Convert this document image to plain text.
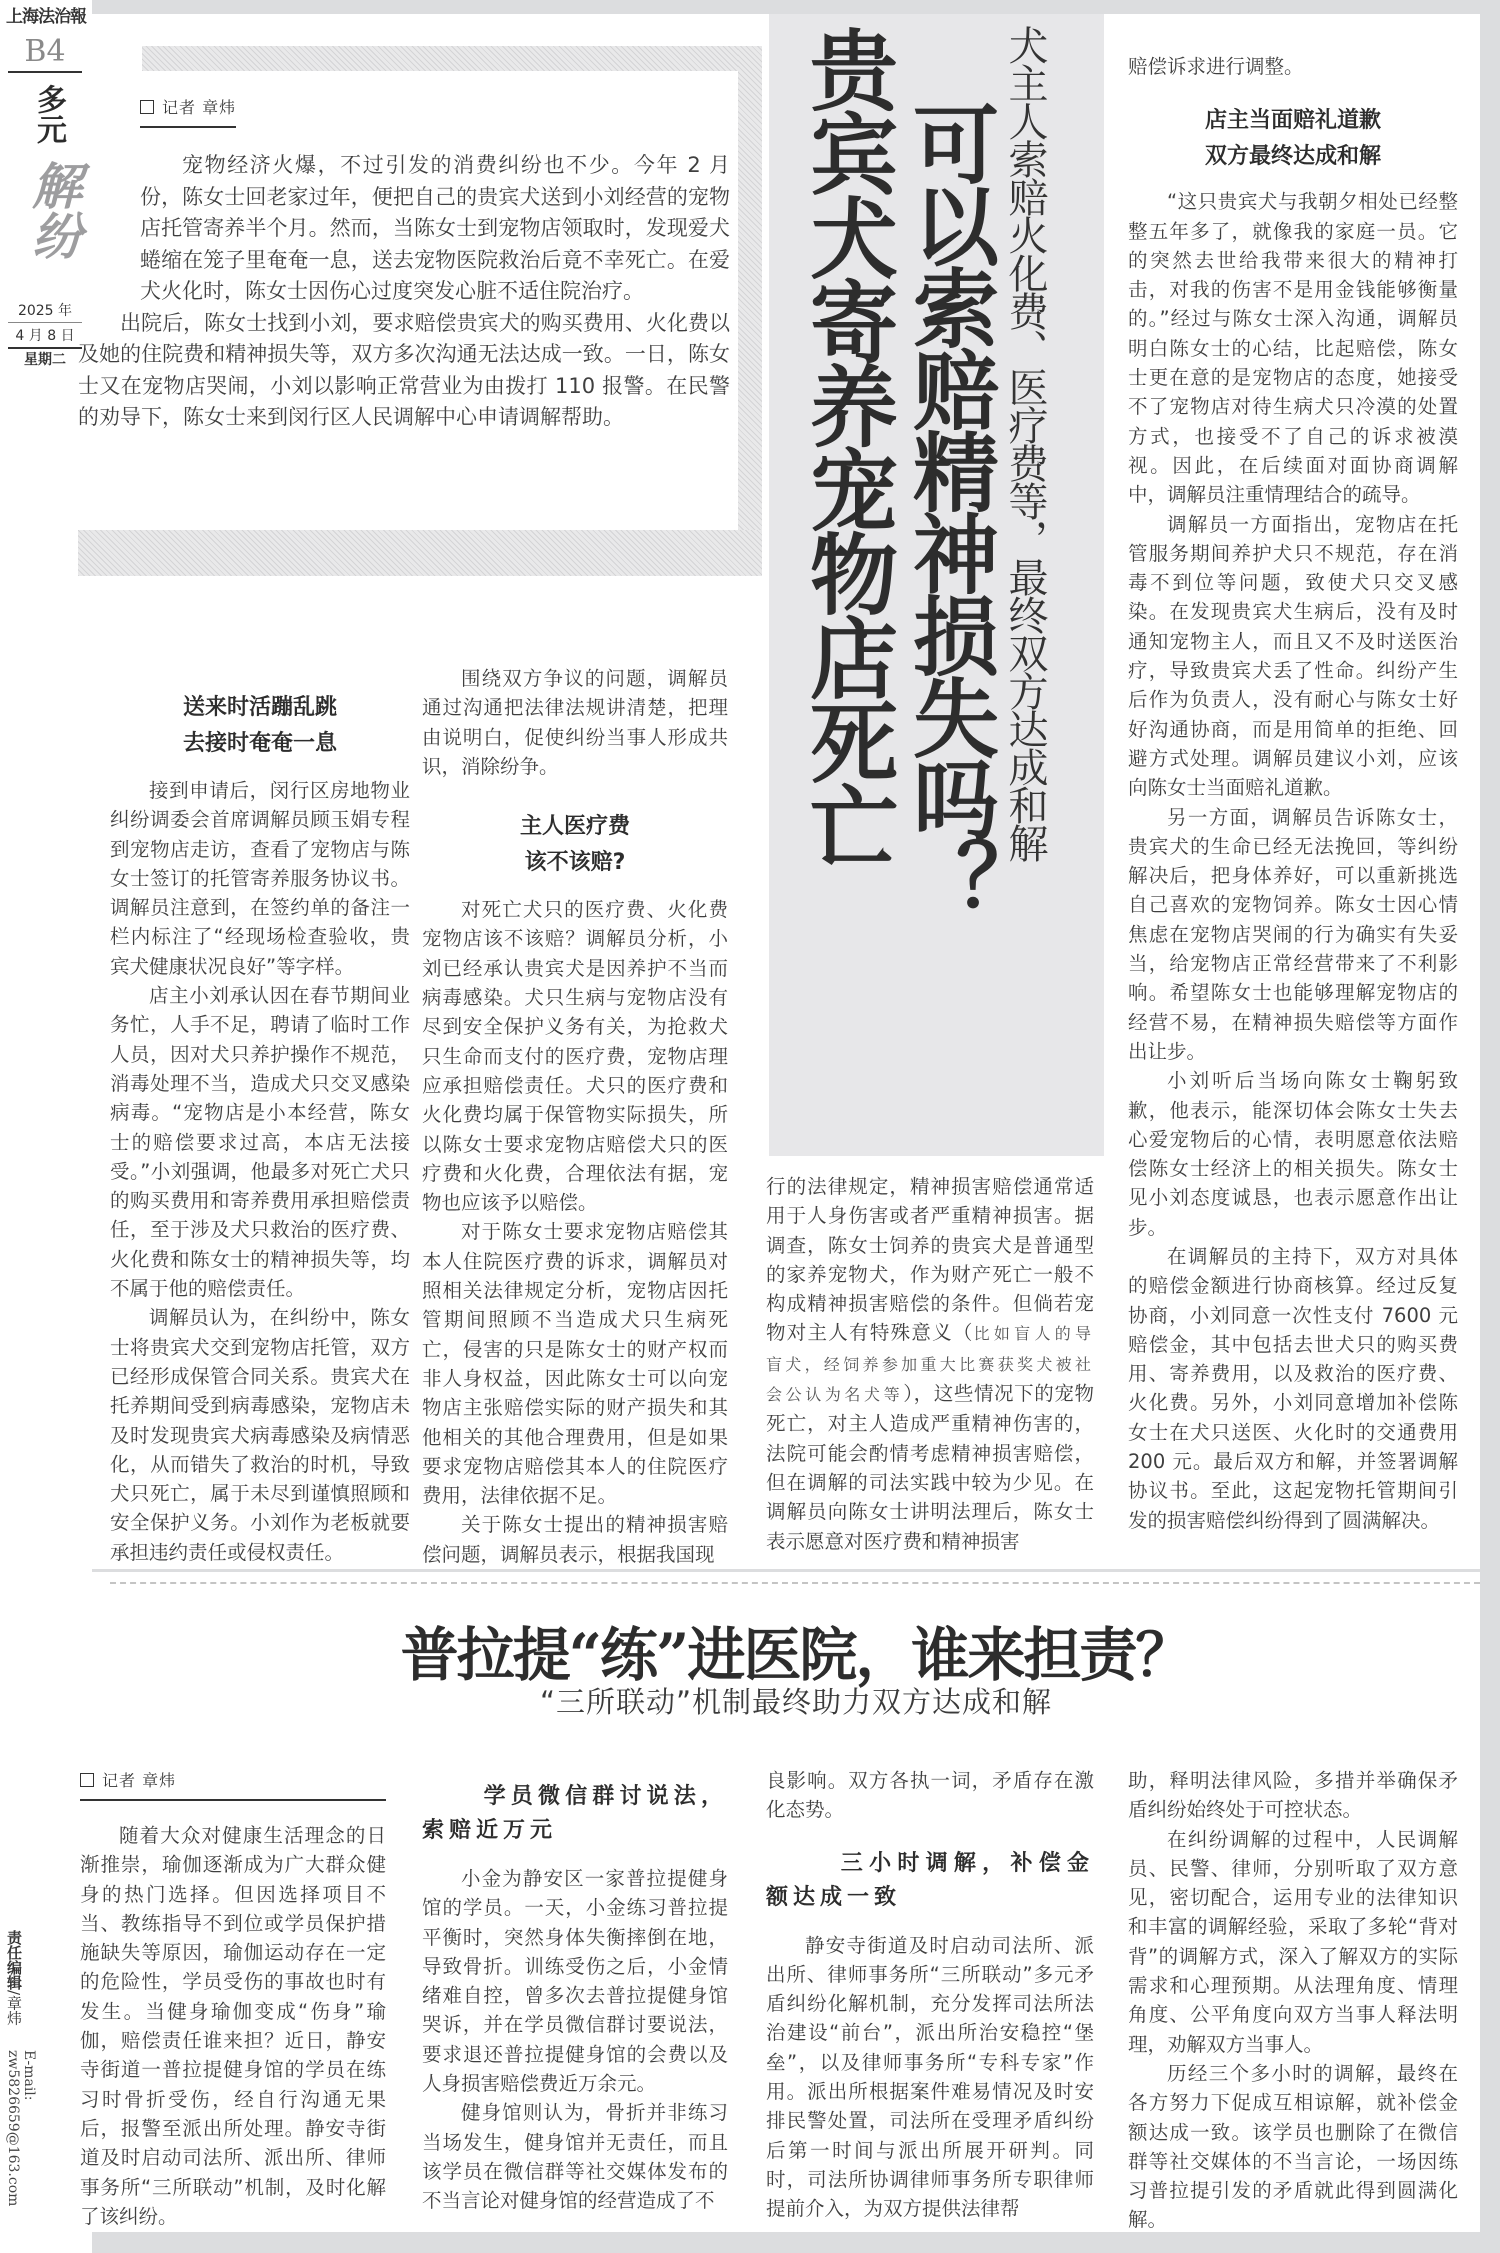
上海法治報
B4
多元
解纷
2025 年
4 月 8 日
星期二
责任编辑/章炜
E-mail: zw5826659@163.com
记者 章炜

宠物经济火爆，不过引发的消费纠纷也不少。今年 2 月份，陈女士回老家过年，便把自己的贵宾犬送到小刘经营的宠物店托管寄养半个月。然而，当陈女士到宠物店领取时，发现爱犬蜷缩在笼子里奄奄一息，送去宠物医院救治后竟不幸死亡。在爱犬火化时，陈女士因伤心过度突发心脏不适住院治疗。

出院后，陈女士找到小刘，要求赔偿贵宾犬的购买费用、火化费以及她的住院费和精神损失等，双方多次沟通无法达成一致。一日，陈女士又在宠物店哭闹，小刘以影响正常营业为由拨打 110 报警。在民警的劝导下，陈女士来到闵行区人民调解中心申请调解帮助。	贵宾犬寄养宠物店死亡
可以索赔精神损失吗？ 犬主人索赔火化费、医疗费等，最终双方达成和解

送来时活蹦乱跳

去接时奄奄一息

接到申请后，闵行区房地物业纠纷调委会首席调解员顾玉娟专程到宠物店走访，查看了宠物店与陈女士签订的托管寄养服务协议书。调解员注意到，在签约单的备注一栏内标注了“经现场检查验收，贵宾犬健康状况良好”等字样。

店主小刘承认因在春节期间业务忙，人手不足，聘请了临时工作人员，因对犬只养护操作不规范，消毒处理不当，造成犬只交叉感染病毒。“宠物店是小本经营，陈女士的赔偿要求过高，本店无法接受。”小刘强调，他最多对死亡犬只的购买费用和寄养费用承担赔偿责任，至于涉及犬只救治的医疗费、火化费和陈女士的精神损失等，均不属于他的赔偿责任。

调解员认为，在纠纷中，陈女士将贵宾犬交到宠物店托管，双方已经形成保管合同关系。贵宾犬在托养期间受到病毒感染，宠物店未及时发现贵宾犬病毒感染及病情恶化，从而错失了救治的时机，导致犬只死亡，属于未尽到谨慎照顾和安全保护义务。小刘作为老板就要承担违约责任或侵权责任。

围绕双方争议的问题，调解员通过沟通把法律法规讲清楚，把理由说明白，促使纠纷当事人形成共识，消除纷争。

主人医疗费

该不该赔?

对死亡犬只的医疗费、火化费宠物店该不该赔？调解员分析，小刘已经承认贵宾犬是因养护不当而病毒感染。犬只生病与宠物店没有尽到安全保护义务有关，为抢救犬只生命而支付的医疗费，宠物店理应承担赔偿责任。犬只的医疗费和火化费均属于保管物实际损失，所以陈女士要求宠物店赔偿犬只的医疗费和火化费，合理依法有据，宠物也应该予以赔偿。

对于陈女士要求宠物店赔偿其本人住院医疗费的诉求，调解员对照相关法律规定分析，宠物店因托管期间照顾不当造成犬只生病死亡，侵害的只是陈女士的财产权而非人身权益，因此陈女士可以向宠物店主张赔偿实际的财产损失和其他相关的其他合理费用，但是如果要求宠物店赔偿其本人的住院医疗费用，法律依据不足。

关于陈女士提出的精神损害赔偿问题，调解员表示，根据我国现

行的法律规定，精神损害赔偿通常适用于人身伤害或者严重精神损害。据调查，陈女士饲养的贵宾犬是普通型的家养宠物犬，作为财产死亡一般不构成精神损害赔偿的条件。但倘若宠物对主人有特殊意义（比如盲人的导盲犬，经饲养参加重大比赛获奖犬被社会公认为名犬等），这些情况下的宠物死亡，对主人造成严重精神伤害的，法院可能会酌情考虑精神损害赔偿，但在调解的司法实践中较为少见。在调解员向陈女士讲明法理后，陈女士表示愿意对医疗费和精神损害

赔偿诉求进行调整。

店主当面赔礼道歉

双方最终达成和解

“这只贵宾犬与我朝夕相处已经整整五年多了，就像我的家庭一员。它的突然去世给我带来很大的精神打击，对我的伤害不是用金钱能够衡量的。”经过与陈女士深入沟通，调解员明白陈女士的心结，比起赔偿，陈女士更在意的是宠物店的态度，她接受不了宠物店对待生病犬只冷漠的处置方式，也接受不了自己的诉求被漠视。因此，在后续面对面协商调解中，调解员注重情理结合的疏导。

调解员一方面指出，宠物店在托管服务期间养护犬只不规范，存在消毒不到位等问题，致使犬只交叉感染。在发现贵宾犬生病后，没有及时通知宠物主人，而且又不及时送医治疗，导致贵宾犬丢了性命。纠纷产生后作为负责人，没有耐心与陈女士好好沟通协商，而是用简单的拒绝、回避方式处理。调解员建议小刘，应该向陈女士当面赔礼道歉。

另一方面，调解员告诉陈女士，贵宾犬的生命已经无法挽回，等纠纷解决后，把身体养好，可以重新挑选自己喜欢的宠物饲养。陈女士因心情焦虑在宠物店哭闹的行为确实有失妥当，给宠物店正常经营带来了不利影响。希望陈女士也能够理解宠物店的经营不易，在精神损失赔偿等方面作出让步。

小刘听后当场向陈女士鞠躬致歉，他表示，能深切体会陈女士失去心爱宠物后的心情，表明愿意依法赔偿陈女士经济上的相关损失。陈女士见小刘态度诚恳，也表示愿意作出让步。

在调解员的主持下，双方对具体的赔偿金额进行协商核算。经过反复协商，小刘同意一次性支付 7600 元赔偿金，其中包括去世犬只的购买费用、寄养费用，以及救治的医疗费、火化费。另外，小刘同意增加补偿陈女士在犬只送医、火化时的交通费用 200 元。最后双方和解，并签署调解协议书。至此，这起宠物托管期间引发的损害赔偿纠纷得到了圆满解决。

普拉提“练”进医院，谁来担责？
“三所联动”机制最终助力双方达成和解
记者 章炜

随着大众对健康生活理念的日渐推崇，瑜伽逐渐成为广大群众健身的热门选择。但因选择项目不当、教练指导不到位或学员保护措施缺失等原因，瑜伽运动存在一定的危险性，学员受伤的事故也时有发生。当健身瑜伽变成“伤身”瑜伽，赔偿责任谁来担？近日，静安寺街道一普拉提健身馆的学员在练习时骨折受伤，经自行沟通无果后，报警至派出所处理。静安寺街道及时启动司法所、派出所、律师事务所“三所联动”机制，及时化解了该纠纷。

学员微信群讨说法，索赔近万元

小金为静安区一家普拉提健身馆的学员。一天，小金练习普拉提平衡时，突然身体失衡摔倒在地，导致骨折。训练受伤之后，小金情绪难自控，曾多次去普拉提健身馆哭诉，并在学员微信群讨要说法，要求退还普拉提健身馆的会费以及人身损害赔偿费近万余元。

健身馆则认为，骨折并非练习当场发生，健身馆并无责任，而且该学员在微信群等社交媒体发布的不当言论对健身馆的经营造成了不

良影响。双方各执一词，矛盾存在激化态势。

三小时调解，补偿金额达成一致

静安寺街道及时启动司法所、派出所、律师事务所“三所联动”多元矛盾纠纷化解机制，充分发挥司法所法治建设“前台”，派出所治安稳控“堡垒”，以及律师事务所“专科专家”作用。派出所根据案件难易情况及时安排民警处置，司法所在受理矛盾纠纷后第一时间与派出所展开研判。同时，司法所协调律师事务所专职律师提前介入，为双方提供法律帮

助，释明法律风险，多措并举确保矛盾纠纷始终处于可控状态。

在纠纷调解的过程中，人民调解员、民警、律师，分别听取了双方意见，密切配合，运用专业的法律知识和丰富的调解经验，采取了多轮“背对背”的调解方式，深入了解双方的实际需求和心理预期。从法理角度、情理角度、公平角度向双方当事人释法明理，劝解双方当事人。

历经三个多小时的调解，最终在各方努力下促成互相谅解，就补偿金额达成一致。该学员也删除了在微信群等社交媒体的不当言论，一场因练习普拉提引发的矛盾就此得到圆满化解。
